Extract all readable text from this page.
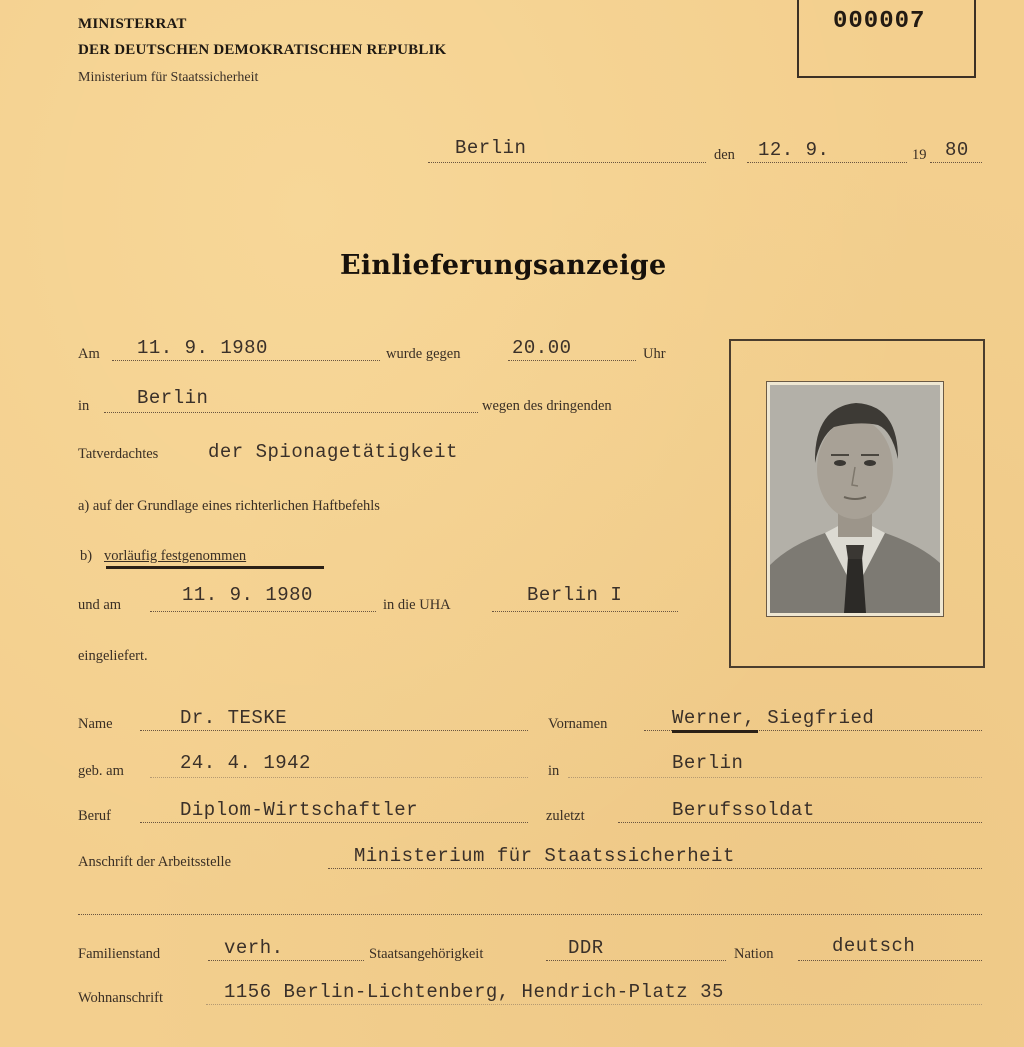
MINISTERRAT
DER DEUTSCHEN DEMOKRATISCHEN REPUBLIK
Ministerium für Staatssicherheit
000007
Berlin	den 12. 9.	19 80
Einlieferungsanzeige
Am 11. 9. 1980	wurde gegen	20.00	Uhr
in	Berlin	wegen des dringenden
Tatverdachtes	der Spionagetätigkeit
a) auf der Grundlage eines richterlichen Haftbefehls
b) vorläufig festgenommen
und am	11. 9. 1980	in die UHA	Berlin I
eingeliefert.
Name	Dr. TESKE	Vornamen	Werner, Siegfried
geb. am	24. 4. 1942	in	Berlin
Beruf	Diplom-Wirtschaftler	zuletzt	Berufssoldat
Anschrift der Arbeitsstelle	Ministerium für Staatssicherheit
Familienstand	verh.	Staatsangehörigkeit	DDR	Nation	deutsch
Wohnanschrift	1156 Berlin-Lichtenberg, Hendrich-Platz 35
